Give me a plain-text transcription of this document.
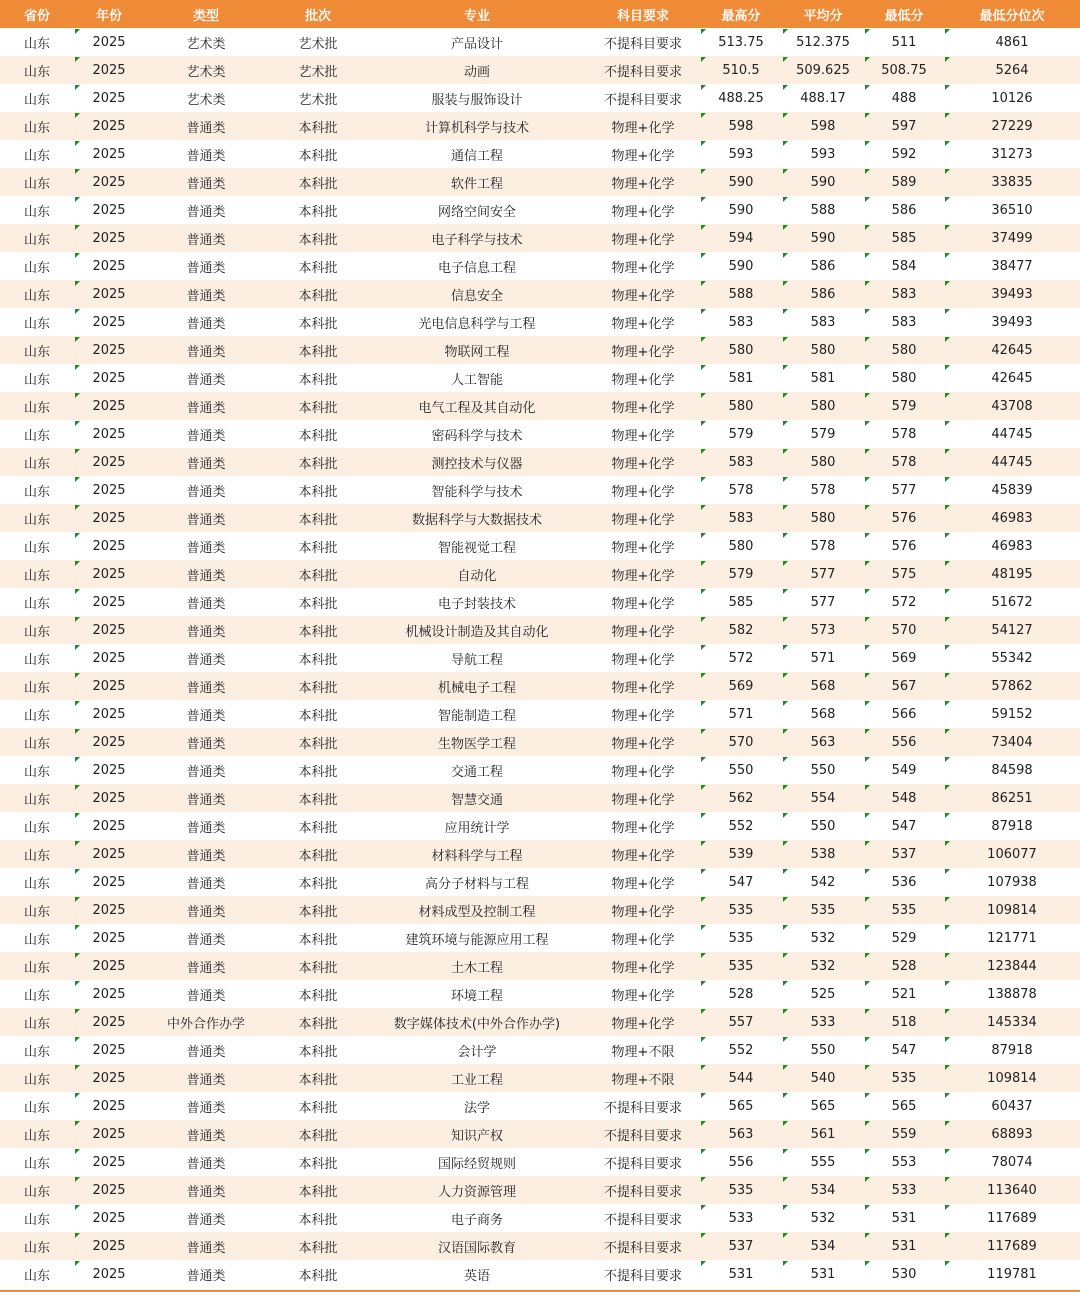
省份	年份	类型	批次	专业	科目要求	最高分	平均分	最低分	最低分位次
山东	2025	艺术类	艺术批	产品设计	不提科目要求	513.75	512.375	511	4861
山东	2025	艺术类	艺术批	动画	不提科目要求	510.5	509.625	508.75	5264
山东	2025	艺术类	艺术批	服装与服饰设计	不提科目要求	488.25	488.17	488	10126
山东	2025	普通类	本科批	计算机科学与技术	物理+化学	598	598	597	27229
山东	2025	普通类	本科批	通信工程	物理+化学	593	593	592	31273
山东	2025	普通类	本科批	软件工程	物理+化学	590	590	589	33835
山东	2025	普通类	本科批	网络空间安全	物理+化学	590	588	586	36510
山东	2025	普通类	本科批	电子科学与技术	物理+化学	594	590	585	37499
山东	2025	普通类	本科批	电子信息工程	物理+化学	590	586	584	38477
山东	2025	普通类	本科批	信息安全	物理+化学	588	586	583	39493
山东	2025	普通类	本科批	光电信息科学与工程	物理+化学	583	583	583	39493
山东	2025	普通类	本科批	物联网工程	物理+化学	580	580	580	42645
山东	2025	普通类	本科批	人工智能	物理+化学	581	581	580	42645
山东	2025	普通类	本科批	电气工程及其自动化	物理+化学	580	580	579	43708
山东	2025	普通类	本科批	密码科学与技术	物理+化学	579	579	578	44745
山东	2025	普通类	本科批	测控技术与仪器	物理+化学	583	580	578	44745
山东	2025	普通类	本科批	智能科学与技术	物理+化学	578	578	577	45839
山东	2025	普通类	本科批	数据科学与大数据技术	物理+化学	583	580	576	46983
山东	2025	普通类	本科批	智能视觉工程	物理+化学	580	578	576	46983
山东	2025	普通类	本科批	自动化	物理+化学	579	577	575	48195
山东	2025	普通类	本科批	电子封装技术	物理+化学	585	577	572	51672
山东	2025	普通类	本科批	机械设计制造及其自动化	物理+化学	582	573	570	54127
山东	2025	普通类	本科批	导航工程	物理+化学	572	571	569	55342
山东	2025	普通类	本科批	机械电子工程	物理+化学	569	568	567	57862
山东	2025	普通类	本科批	智能制造工程	物理+化学	571	568	566	59152
山东	2025	普通类	本科批	生物医学工程	物理+化学	570	563	556	73404
山东	2025	普通类	本科批	交通工程	物理+化学	550	550	549	84598
山东	2025	普通类	本科批	智慧交通	物理+化学	562	554	548	86251
山东	2025	普通类	本科批	应用统计学	物理+化学	552	550	547	87918
山东	2025	普通类	本科批	材料科学与工程	物理+化学	539	538	537	106077
山东	2025	普通类	本科批	高分子材料与工程	物理+化学	547	542	536	107938
山东	2025	普通类	本科批	材料成型及控制工程	物理+化学	535	535	535	109814
山东	2025	普通类	本科批	建筑环境与能源应用工程	物理+化学	535	532	529	121771
山东	2025	普通类	本科批	土木工程	物理+化学	535	532	528	123844
山东	2025	普通类	本科批	环境工程	物理+化学	528	525	521	138878
山东	2025	中外合作办学	本科批	数字媒体技术(中外合作办学)	物理+化学	557	533	518	145334
山东	2025	普通类	本科批	会计学	物理+不限	552	550	547	87918
山东	2025	普通类	本科批	工业工程	物理+不限	544	540	535	109814
山东	2025	普通类	本科批	法学	不提科目要求	565	565	565	60437
山东	2025	普通类	本科批	知识产权	不提科目要求	563	561	559	68893
山东	2025	普通类	本科批	国际经贸规则	不提科目要求	556	555	553	78074
山东	2025	普通类	本科批	人力资源管理	不提科目要求	535	534	533	113640
山东	2025	普通类	本科批	电子商务	不提科目要求	533	532	531	117689
山东	2025	普通类	本科批	汉语国际教育	不提科目要求	537	534	531	117689
山东	2025	普通类	本科批	英语	不提科目要求	531	531	530	119781
